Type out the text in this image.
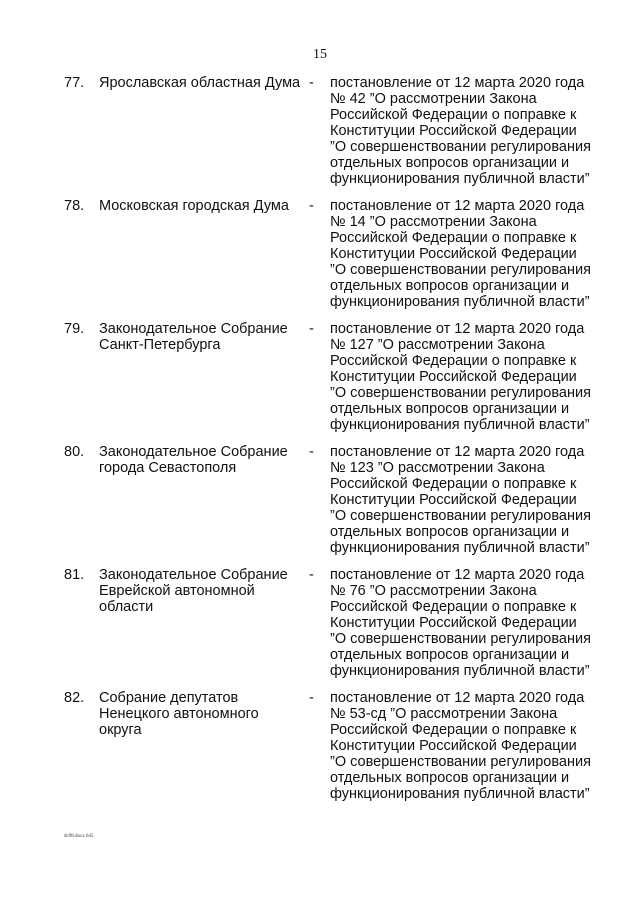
15
77. Ярославская областная Дума - постановление от 12 марта 2020 года
№ 42 ”О рассмотрении Закона
Российской Федерации о поправке к
Конституции Российской Федерации
”О совершенствовании регулирования
отдельных вопросов организации и
функционирования публичной власти”
78. Московская городская Дума	- постановление от 12 марта 2020 года
№ 14 ”О рассмотрении Закона
Российской Федерации о поправке к
Конституции Российской Федерации
”О совершенствовании регулирования
отдельных вопросов организации и
функционирования публичной власти”
79. Законодательное Собрание Санкт-Петербурга
- постановление от 12 марта 2020 года
№ 127 ”О рассмотрении Закона
Российской Федерации о поправке к
Конституции Российской Федерации
”О совершенствовании регулирования
отдельных вопросов организации и
функционирования публичной власти”
80. Законодательное Собрание города Севастополя
- постановление от 12 марта 2020 года
№ 123 ”О рассмотрении Закона
Российской Федерации о поправке к
Конституции Российской Федерации
”О совершенствовании регулирования
отдельных вопросов организации и
функционирования публичной власти”
81. Законодательное Собрание Еврейской автономной области
- постановление от 12 марта 2020 года
№ 76 ”О рассмотрении Закона
Российской Федерации о поправке к
Конституции Российской Федерации
”О совершенствовании регулирования
отдельных вопросов организации и
функционирования публичной власти”
82. Собрание депутатов Ненецкого автономного округа
- постановление от 12 марта 2020 года
№ 53-сд ”О рассмотрении Закона
Российской Федерации о поправке к
Конституции Российской Федерации
”О совершенствовании регулирования
отдельных вопросов организации и
функционирования публичной власти”
dc98.docx 645
